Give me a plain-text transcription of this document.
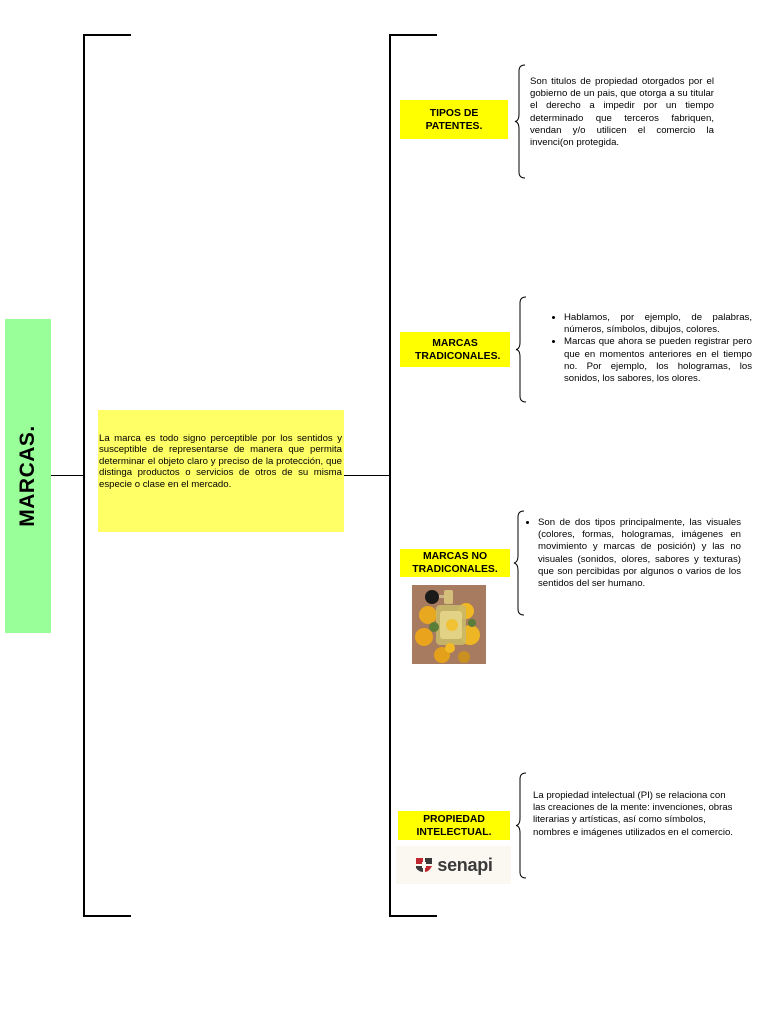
MARCAS.	La marca es todo signo perceptible por los sentidos y susceptible de representarse de manera que permita determinar el objeto claro y preciso de la protección, que distinga productos o servicios de otros de su misma especie o clase en el mercado.
TIPOS DE PATENTES.
Son titulos de propiedad otorgados por el gobierno de un pais, que otorga a su titular el derecho a impedir por un tiempo determinado que terceros fabriquen, vendan y/o utilicen el comercio la invenci(on protegida.
MARCAS TRADICONALES.
• Hablamos, por ejemplo, de palabras, números, símbolos, dibujos, colores.
• Marcas que ahora se pueden registrar pero que en momentos anteriores en el tiempo no. Por ejemplo, los hologramas, los sonidos, los sabores, los olores.
MARCAS NO TRADICONALES.
• Son de dos tipos principalmente, las visuales (colores, formas, hologramas, imágenes en movimiento y marcas de posición) y las no visuales (sonidos, olores, sabores y texturas) que son percibidas por algunos o varios de los sentidos del ser humano.
PROPIEDAD INTELECTUAL.
La propiedad intelectual (PI) se relaciona con las creaciones de la mente: invenciones, obras literarias y artísticas, así como símbolos, nombres e imágenes utilizados en el comercio.
senapi
